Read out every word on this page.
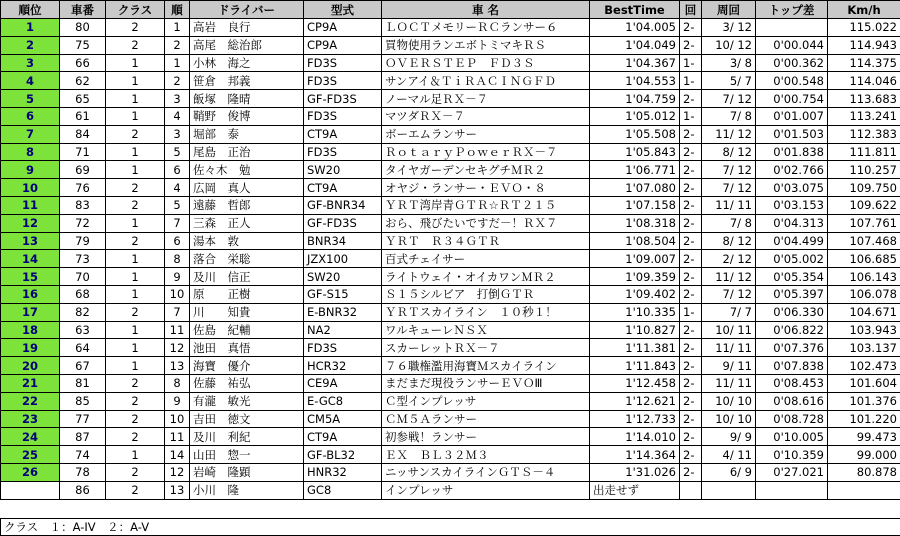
順位	車番	クラス	順	ドライバー	型式	車 名	BestTime	回	周回	トップ差	Km/h
1	80	2	1	高岩　良行	CP9A	ＬＯＣＴメモリーＲＣランサー６	1'04.005	2-	3/ 12		115.022
2	75	2	2	高尾　総治郎	CP9A	買物使用ランエボトミマキＲＳ	1'04.049	2-	10/ 12	0'00.044	114.943
3	66	1	1	小林　海之	FD3S	ＯＶＥＲＳＴＥＰ　ＦＤ３Ｓ	1'04.367	1-	3/ 8	0'00.362	114.375
4	62	1	2	笹倉　邦義	FD3S	サンアイ＆ＴｉＲＡＣＩＮＧＦＤ	1'04.553	1-	5/ 7	0'00.548	114.046
5	65	1	3	飯塚　隆晴	GF-FD3S	ノーマル足ＲＸ－７	1'04.759	2-	7/ 12	0'00.754	113.683
6	61	1	4	鞘野　俊博	FD3S	マツダＲＸ－７	1'05.012	1-	7/ 8	0'01.007	113.241
7	84	2	3	堀部　泰	CT9A	ボーエムランサー	1'05.508	2-	11/ 12	0'01.503	112.383
8	71	1	5	尾島　正治	FD3S	ＲｏｔａｒｙＰｏｗｅｒＲＸ－７	1'05.843	2-	8/ 12	0'01.838	111.811
9	69	1	6	佐々木　勉	SW20	タイヤガーデンセキグチＭＲ２	1'06.771	2-	7/ 12	0'02.766	110.257
10	76	2	4	広岡　真人	CT9A	オヤジ・ランサー・ＥＶＯ・８	1'07.080	2-	7/ 12	0'03.075	109.750
11	83	2	5	遠藤　哲郎	GF-BNR34	ＹＲＴ湾岸青ＧＴＲ☆ＲＴ２１５	1'07.158	2-	11/ 11	0'03.153	109.622
12	72	1	7	三森　正人	GF-FD3S	おら、飛びたいですだ－！ＲＸ７	1'08.318	2-	7/ 8	0'04.313	107.761
13	79	2	6	湯本　敦	BNR34	ＹＲＴ　Ｒ３４ＧＴＲ	1'08.504	2-	8/ 12	0'04.499	107.468
14	73	1	8	落合　栄聡	JZX100	百式チェイサー	1'09.007	2-	2/ 12	0'05.002	106.685
15	70	1	9	及川　信正	SW20	ライトウェイ・オイカワンＭＲ２	1'09.359	2-	11/ 12	0'05.354	106.143
16	68	1	10	原　　正樹	GF-S15	Ｓ１５シルビア　打倒ＧＴＲ	1'09.402	2-	7/ 12	0'05.397	106.078
17	82	2	7	川　　知貴	E-BNR32	ＹＲＴスカイライン　１０秒１！	1'10.335	1-	7/ 7	0'06.330	104.671
18	63	1	11	佐島　紀輔	NA2	ワルキューレＮＳＸ	1'10.827	2-	10/ 11	0'06.822	103.943
19	64	1	12	池田　真悟	FD3S	スカーレットＲＸ－７	1'11.381	2-	11/ 11	0'07.376	103.137
20	67	1	13	海寶　優介	HCR32	７６職権濫用海寶Ｍスカイライン	1'11.843	2-	9/ 11	0'07.838	102.473
21	81	2	8	佐藤　祐弘	CE9A	まだまだ現役ランサーＥＶＯⅢ	1'12.458	2-	11/ 11	0'08.453	101.604
22	85	2	9	有瀧　敏光	E-GC8	Ｃ型インプレッサ	1'12.621	2-	10/ 10	0'08.616	101.376
23	77	2	10	吉田　徳文	CM5A	ＣＭ５Ａランサー	1'12.733	2-	10/ 10	0'08.728	101.220
24	87	2	11	及川　利紀	CT9A	初参戦！ランサー	1'14.010	2-	9/ 9	0'10.005	99.473
25	74	1	14	山田　惣一	GF-BL32	ＥＸ　ＢＬ３２Ｍ３	1'14.364	2-	4/ 11	0'10.359	99.000
26	78	2	12	岩崎　隆顕	HNR32	ニッサンスカイラインＧＴＳ－４	1'31.026	2-	6/ 9	0'27.021	80.878
	86	2	13	小川　隆	GC8	インプレッサ	出走せず				
クラス　１：A-IV　２：A-V
